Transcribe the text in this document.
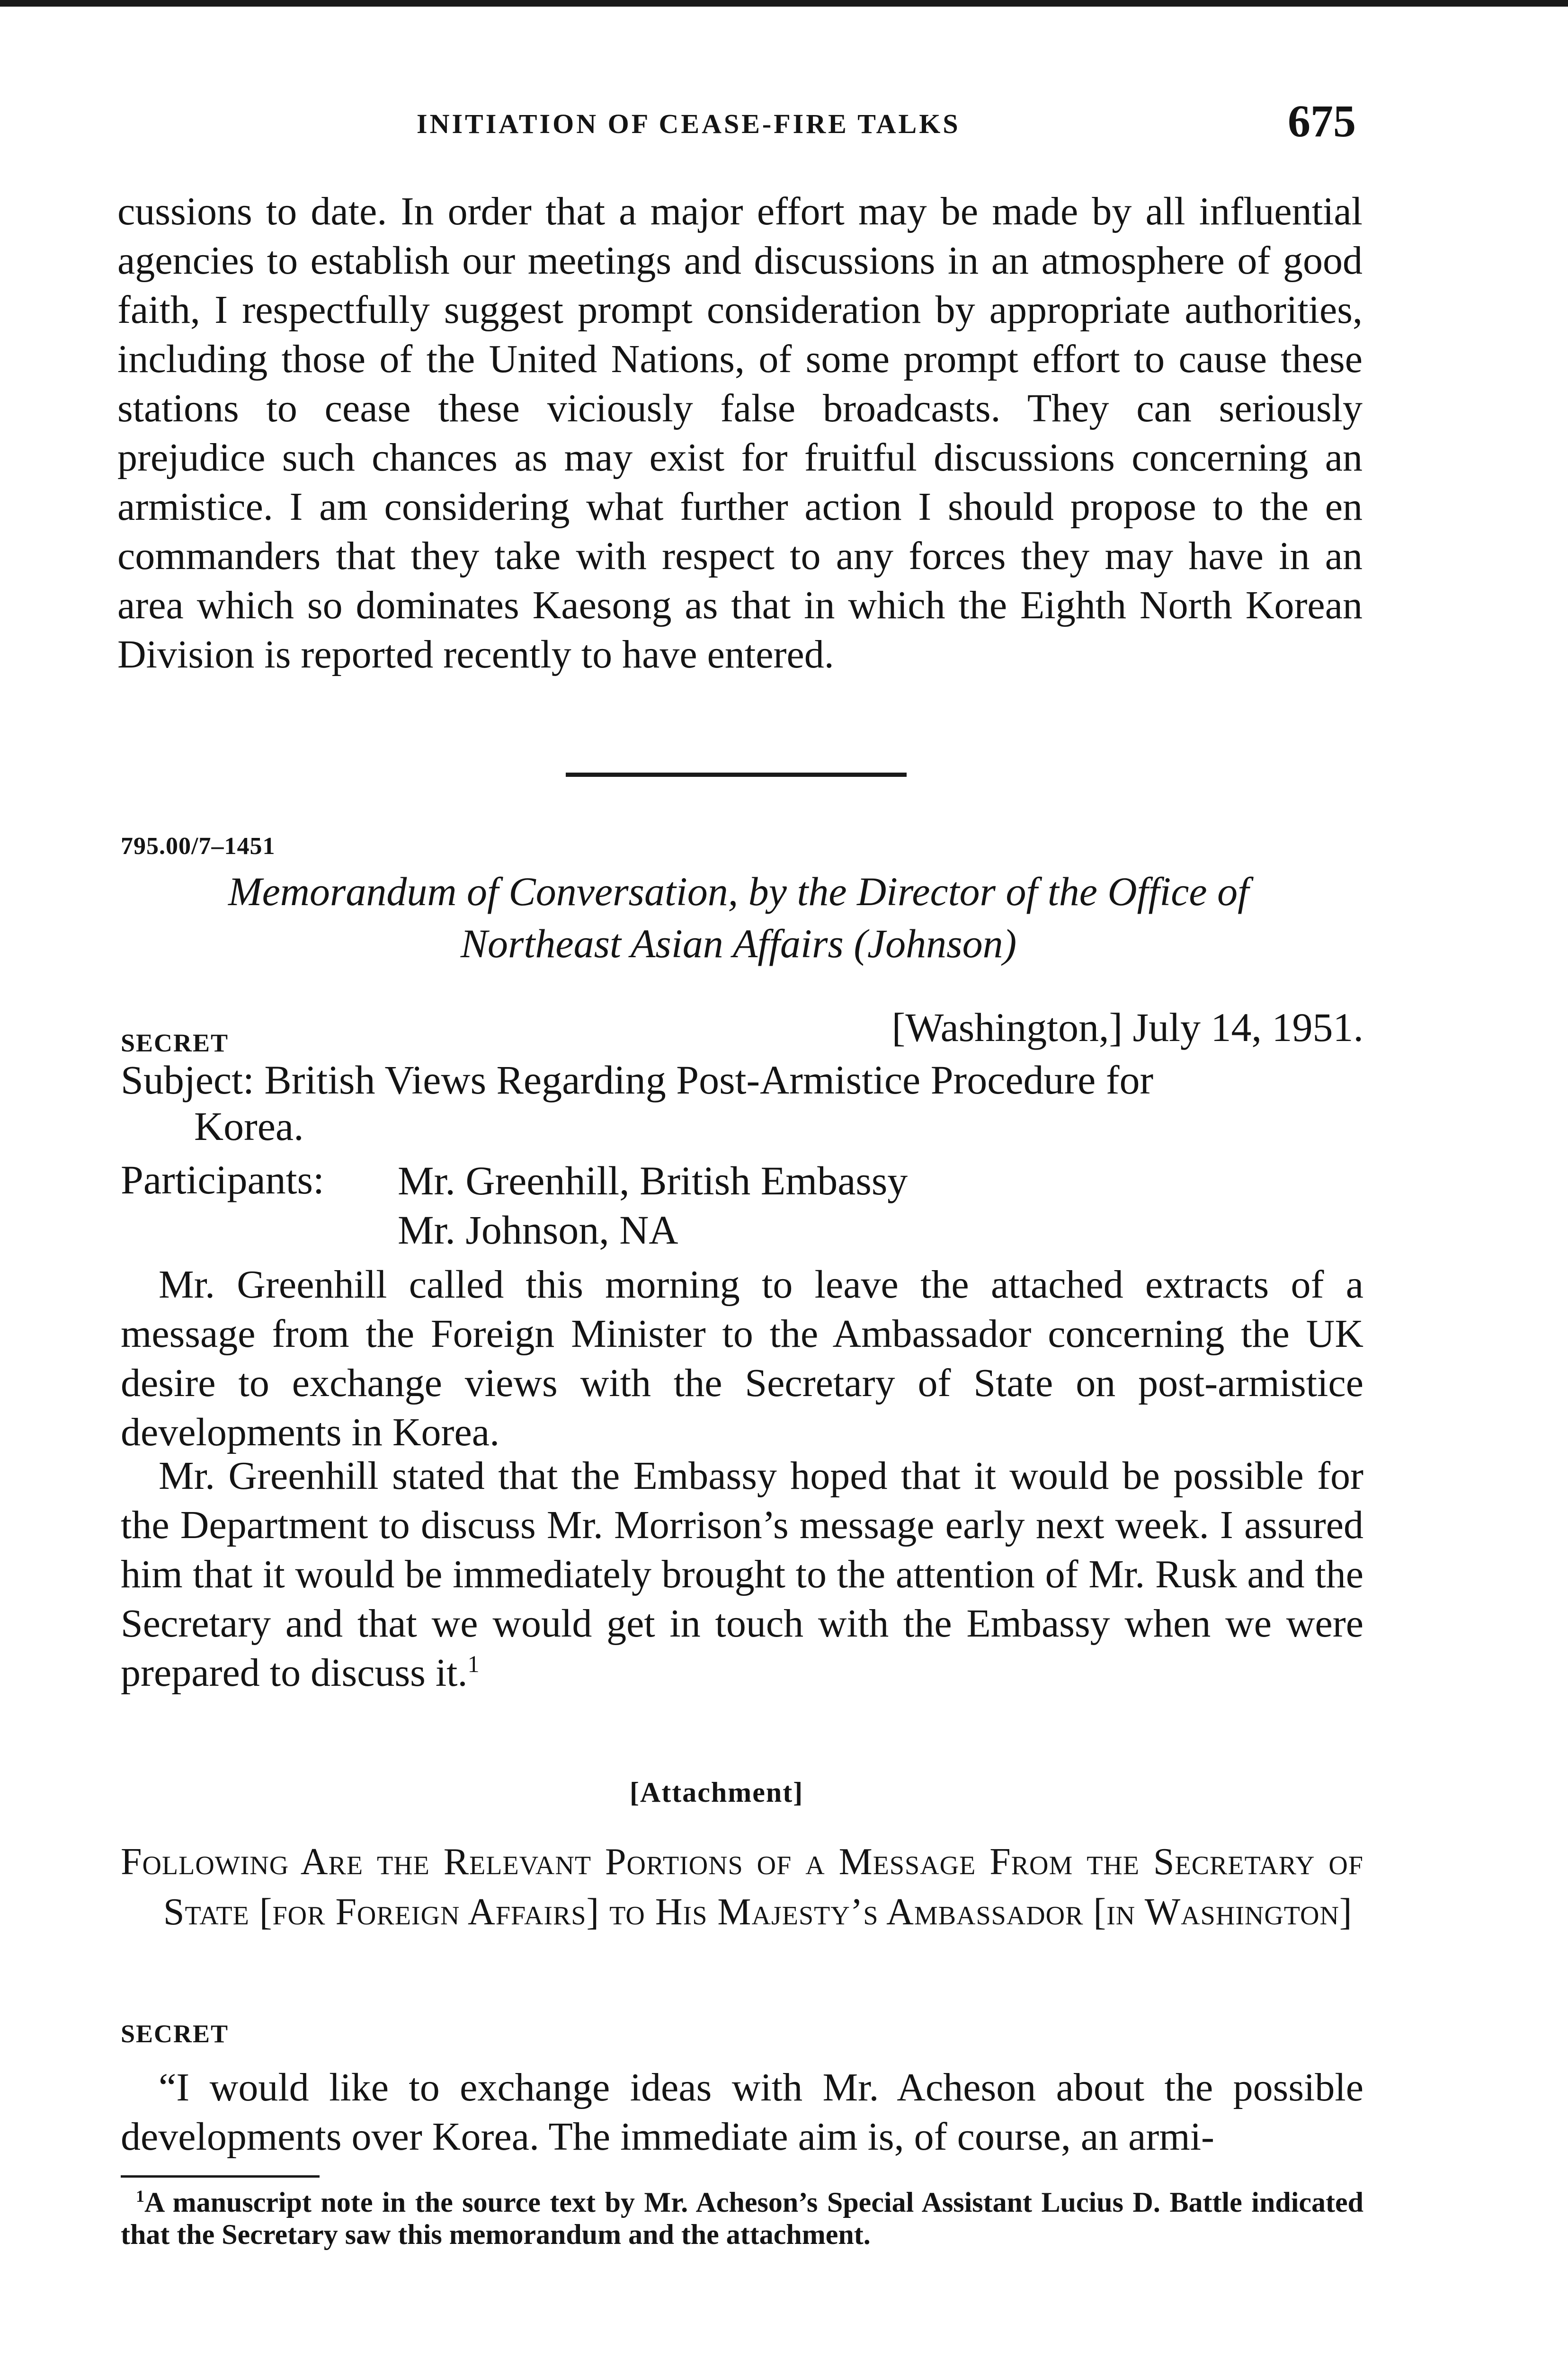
INITIATION OF CEASE-FIRE TALKS	675
cussions to date. In order that a major effort may be made by all influential agencies to establish our meetings and discussions in an atmosphere of good faith, I respectfully suggest prompt consideration by appropriate authorities, including those of the United Nations, of some prompt effort to cause these stations to cease these viciously false broadcasts. They can seriously prejudice such chances as may exist for fruitful discussions concerning an armistice. I am considering what further action I should propose to the en commanders that they take with respect to any forces they may have in an area which so dominates Kaesong as that in which the Eighth North Korean Division is reported recently to have entered.
795.00/7–1451
Memorandum of Conversation, by the Director of the Office of
Northeast Asian Affairs (Johnson)
SECRET	[Washington,] July 14, 1951.
Subject: British Views Regarding Post-Armistice Procedure for
Korea.
Participants: Mr. Greenhill, British Embassy
Mr. Johnson, NA
Mr. Greenhill called this morning to leave the attached extracts of a message from the Foreign Minister to the Ambassador concerning the UK desire to exchange views with the Secretary of State on post-armistice developments in Korea.
Mr. Greenhill stated that the Embassy hoped that it would be possible for the Department to discuss Mr. Morrison’s message early next week. I assured him that it would be immediately brought to the attention of Mr. Rusk and the Secretary and that we would get in touch with the Embassy when we were prepared to discuss it.$^1$
[Attachment]
Following Are the Relevant Portions of a Message From the Secretary of State [for Foreign Affairs] to His Majesty’s Ambassador [in Washington]
SECRET
“I would like to exchange ideas with Mr. Acheson about the possible developments over Korea. The immediate aim is, of course, an armi-
$^1$A manuscript note in the source text by Mr. Acheson’s Special Assistant Lucius D. Battle indicated that the Secretary saw this memorandum and the attachment.
